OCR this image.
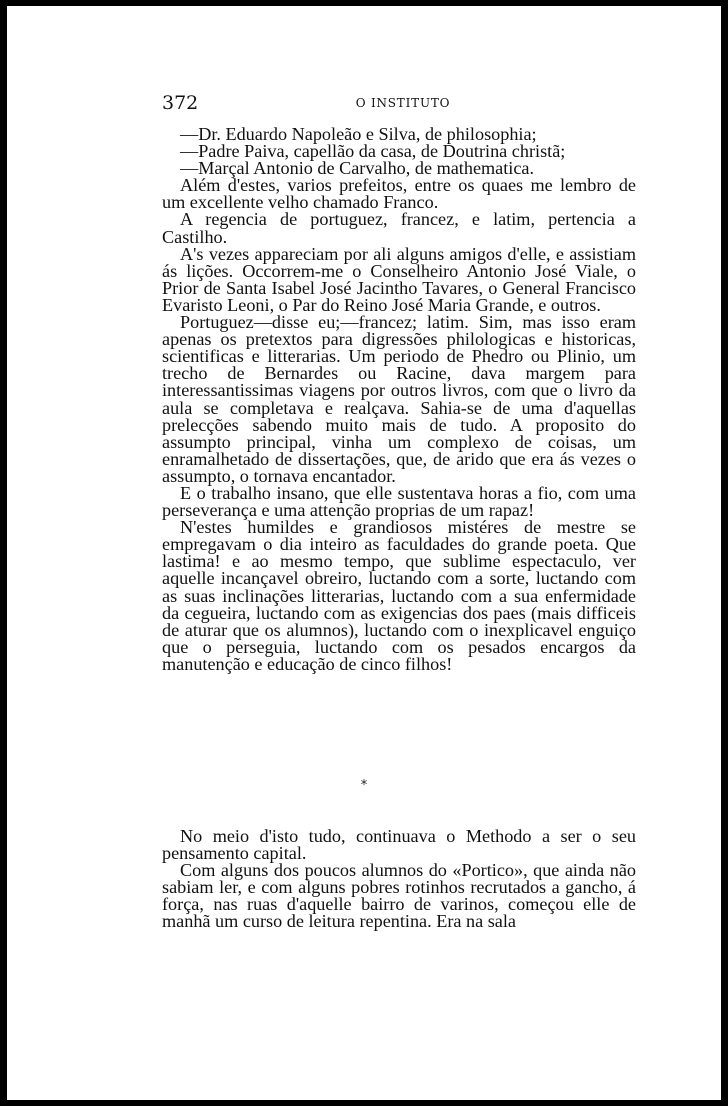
372	O INSTITUTO

—Dr. Eduardo Napoleão e Silva, de philosophia;

—Padre Paiva, capellão da casa, de Doutrina christã;

—Marçal Antonio de Carvalho, de mathematica.

Além d'estes, varios prefeitos, entre os quaes me lembro de um excellente velho chamado Franco.

A regencia de portuguez, francez, e latim, pertencia a Castilho.

A's vezes appareciam por ali alguns amigos d'elle, e assistiam ás lições. Occorrem-me o Conselheiro Antonio José Viale, o Prior de Santa Isabel José Jacintho Tavares, o General Francisco Evaristo Leoni, o Par do Reino José Maria Grande, e outros.

Portuguez—disse eu;—francez; latim. Sim, mas isso eram apenas os pretextos para digressões philologicas e historicas, scientificas e litterarias. Um periodo de Phedro ou Plinio, um trecho de Bernardes ou Racine, dava margem para interessantissimas viagens por outros livros, com que o livro da aula se completava e realçava. Sahia-se de uma d'aquellas prelecções sabendo muito mais de tudo. A proposito do assumpto principal, vinha um complexo de coisas, um enramalhetado de dissertações, que, de arido que era ás vezes o assumpto, o tornava encantador.

E o trabalho insano, que elle sustentava horas a fio, com uma perseverança e uma attenção proprias de um rapaz!

N'estes humildes e grandiosos mistéres de mestre se empregavam o dia inteiro as faculdades do grande poeta. Que lastima! e ao mesmo tempo, que sublime espectaculo, ver aquelle incançavel obreiro, luctando com a sorte, luctando com as suas inclinações litterarias, luctando com a sua enfermidade da cegueira, luctando com as exigencias dos paes (mais difficeis de aturar que os alumnos), luctando com o inexplicavel enguiço que o perseguia, luctando com os pesados encargos da manutenção e educação de cinco filhos!

*

No meio d'isto tudo, continuava o Methodo a ser o seu pensamento capital.

Com alguns dos poucos alumnos do «Portico», que ainda não sabiam ler, e com alguns pobres rotinhos recrutados a gancho, á força, nas ruas d'aquelle bairro de varinos, começou elle de manhã um curso de leitura repentina. Era na sala
